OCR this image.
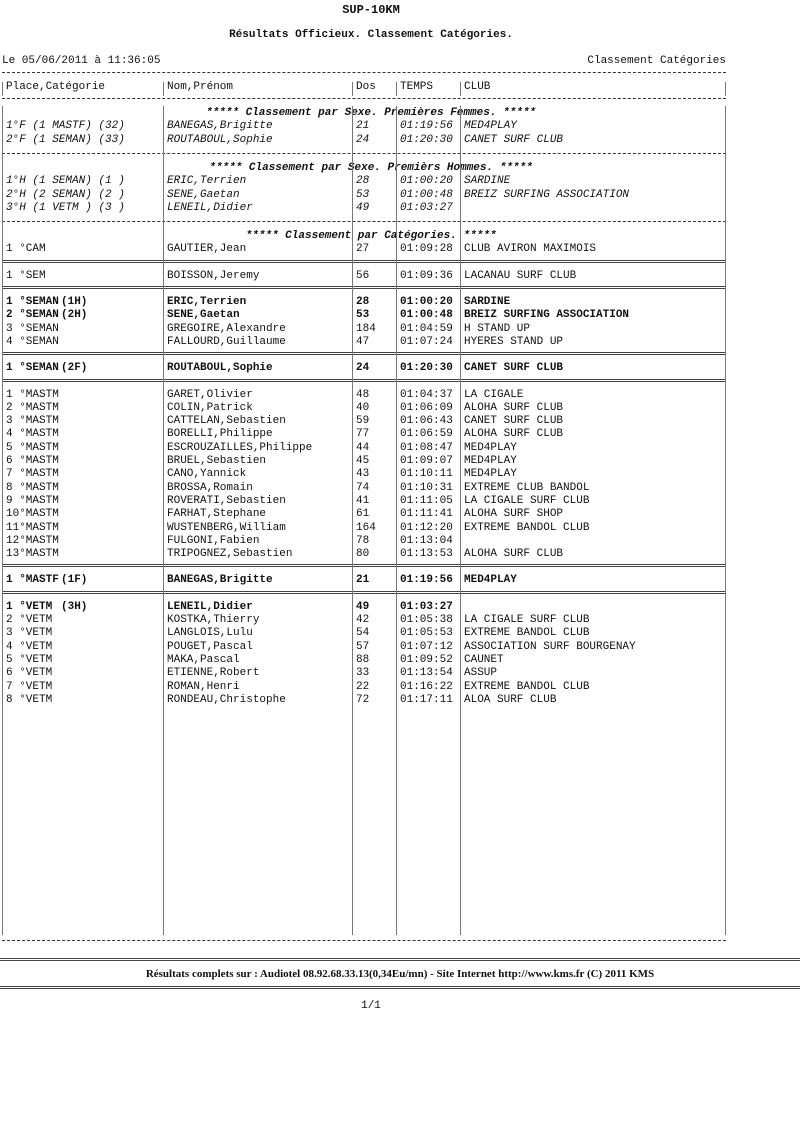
SUP-10KM
Résultats Officieux. Classement Catégories.
Le 05/06/2011 à 11:36:05	Classement Catégories
Place,Catégorie	Nom,Prénom	Dos TEMPS	CLUB
***** Classement par Sexe. Premières Femmes. *****
1°F (1 MASTF) (32)	BANEGAS,Brigitte	21	01:19:56 MED4PLAY
2°F (1 SEMAN) (33)	ROUTABOUL,Sophie	24	01:20:30 CANET SURF CLUB
***** Classement par Sexe. Premièrs Hommes. *****
1°H (1 SEMAN) (1 )	ERIC,Terrien	28	01:00:20 SARDINE
2°H (2 SEMAN) (2 )	SENE,Gaetan	53	01:00:48 BREIZ SURFING ASSOCIATION
3°H (1 VETM ) (3 )	LENEIL,Didier	49	01:03:27
***** Classement par Catégories. *****
1 °CAM	GAUTIER,Jean	27	01:09:28 CLUB AVIRON MAXIMOIS
1 °SEM	BOISSON,Jeremy	56	01:09:36 LACANAU SURF CLUB
1 °SEMAN (1H)	ERIC,Terrien	28	01:00:20 SARDINE
2 °SEMAN (2H)	SENE,Gaetan	53	01:00:48 BREIZ SURFING ASSOCIATION
3 °SEMAN	GREGOIRE,Alexandre	184 01:04:59 H STAND UP
4 °SEMAN	FALLOURD,Guillaume	47	01:07:24 HYERES STAND UP
1 °SEMAN (2F)	ROUTABOUL,Sophie	24	01:20:30 CANET SURF CLUB
1 °MASTM	GARET,Olivier	48	01:04:37 LA CIGALE
2 °MASTM	COLIN,Patrick	40	01:06:09 ALOHA SURF CLUB
3 °MASTM	CATTELAN,Sebastien	59	01:06:43 CANET SURF CLUB
4 °MASTM	BORELLI,Philippe	77	01:06:59 ALOHA SURF CLUB
5 °MASTM	ESCROUZAILLES,Philippe	44	01:08:47 MED4PLAY
6 °MASTM	BRUEL,Sebastien	45	01:09:07 MED4PLAY
7 °MASTM	CANO,Yannick	43	01:10:11 MED4PLAY
8 °MASTM	BROSSA,Romain	74	01:10:31 EXTREME CLUB BANDOL
9 °MASTM	ROVERATI,Sebastien	41	01:11:05 LA CIGALE SURF CLUB
10°MASTM	FARHAT,Stephane	61	01:11:41 ALOHA SURF SHOP
11°MASTM	WUSTENBERG,William	164 01:12:20 EXTREME BANDOL CLUB
12°MASTM	FULGONI,Fabien	78	01:13:04
13°MASTM	TRIPOGNEZ,Sebastien	80	01:13:53 ALOHA SURF CLUB
1 °MASTF (1F)	BANEGAS,Brigitte	21	01:19:56 MED4PLAY
1 °VETM (3H)	LENEIL,Didier	49	01:03:27
2 °VETM	KOSTKA,Thierry	42	01:05:38 LA CIGALE SURF CLUB
3 °VETM	LANGLOIS,Lulu	54	01:05:53 EXTREME BANDOL CLUB
4 °VETM	POUGET,Pascal	57	01:07:12 ASSOCIATION SURF BOURGENAY
5 °VETM	MAKA,Pascal	88	01:09:52 CAUNET
6 °VETM	ETIENNE,Robert	33	01:13:54 ASSUP
7 °VETM	ROMAN,Henri	22	01:16:22 EXTREME BANDOL CLUB
8 °VETM	RONDEAU,Christophe	72	01:17:11 ALOA SURF CLUB
Résultats complets sur : Audiotel 08.92.68.33.13(0,34Eu/mn) - Site Internet http://www.kms.fr (C) 2011 KMS
1/1
